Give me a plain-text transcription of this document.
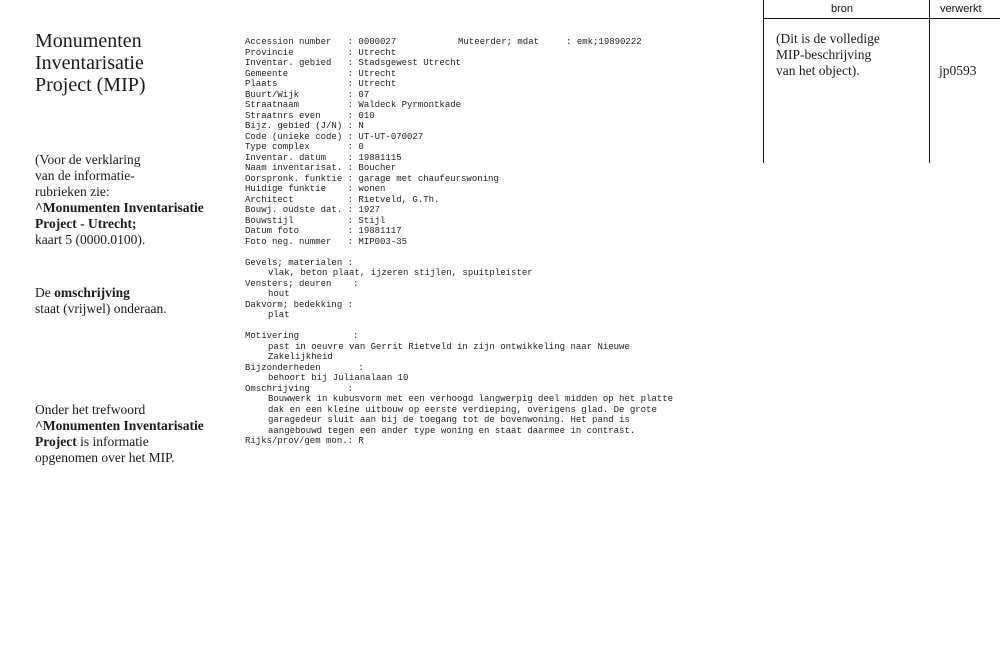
Monumenten
Inventarisatie
Project (MIP)
(Voor de verklaring
van de informatie-
rubrieken zie:
^Monumenten Inventarisatie
Project - Utrecht;
kaart 5 (0000.0100).
De omschrijving
staat (vrijwel) onderaan.
Onder het trefwoord
^Monumenten Inventarisatie
Project is informatie
opgenomen over het MIP.
Accession number   : 0000027
Provincie          : Utrecht
Inventar. gebied   : Stadsgewest Utrecht
Gemeente           : Utrecht
Plaats             : Utrecht
Buurt/Wijk         : 07
Straatnaam         : Waldeck Pyrmontkade
Straatnrs even     : 010
Bijz. gebied (J/N) : N
Code (unieke code) : UT-UT-070027
Type complex       : 0
Inventar. datum    : 19881115
Naam inventarisat. : Boucher
Oorspronk. funktie : garage met chaufeurswoning
Huidige funktie    : wonen
Architect          : Rietveld, G.Th.
Bouwj. oudste dat. : 1927
Bouwstijl          : Stijl
Datum foto         : 19881117
Foto neg. nummer   : MIP003-35
Gevels; materialen :
vlak, beton plaat, ijzeren stijlen, spuitpleister
Vensters; deuren    :
hout
Dakvorm; bedekking :
plat
Motivering          :
past in oeuvre van Gerrit Rietveld in zijn ontwikkeling naar Nieuwe
Zakelijkheid
Bijzonderheden       :
behoort bij Julianalaan 10
Omschrijving       :
Bouwwerk in kubusvorm met een verhoogd langwerpig deel midden op het platte
dak en een kleine uitbouw op eerste verdieping, overigens glad. De grote
garagedeur sluit aan bij de toegang tot de bovenwoning. Het pand is
aangebouwd tegen een ander type woning en staat daarmee in contrast.
Rijks/prov/gem mon.: R
Muteerder; mdat     : emk;19890222
bron	verwerkt
(Dit is de volledige
MIP-beschrijving
van het object).	jp0593
